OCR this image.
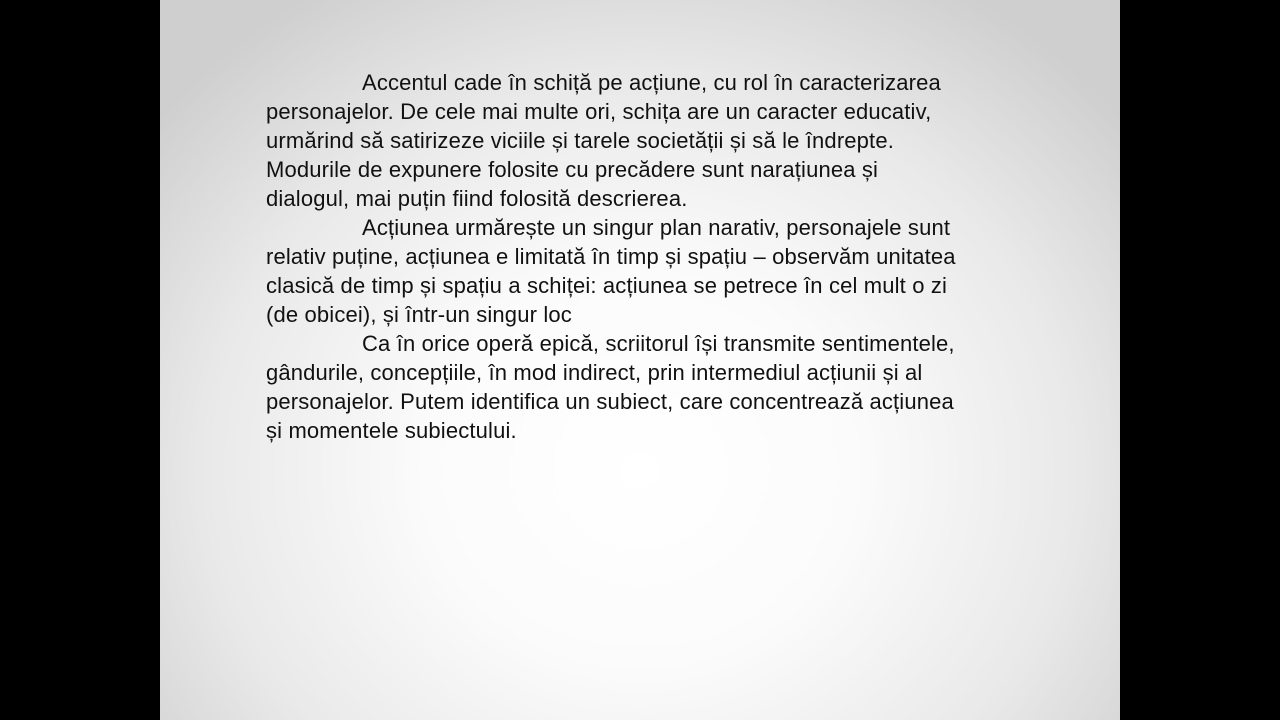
Accentul cade în schiță pe acțiune, cu rol în caracterizarea personajelor. De cele mai multe ori, schița are un caracter educativ, urmărind să satirizeze viciile și tarele societății și să le îndrepte. Modurile de expunere folosite cu precădere sunt narațiunea și dialogul, mai puțin fiind folosită descrierea.

Acțiunea urmărește un singur plan narativ, personajele sunt relativ puține, acțiunea e limitată în timp și spațiu – observăm unitatea clasică de timp și spațiu a schiței: acțiunea se petrece în cel mult o zi (de obicei), și într-un singur loc

Ca în orice operă epică, scriitorul își transmite sentimentele, gândurile, concepțiile, în mod indirect, prin intermediul acțiunii și al personajelor. Putem identifica un subiect, care concentrează acțiunea și momentele subiectului.
